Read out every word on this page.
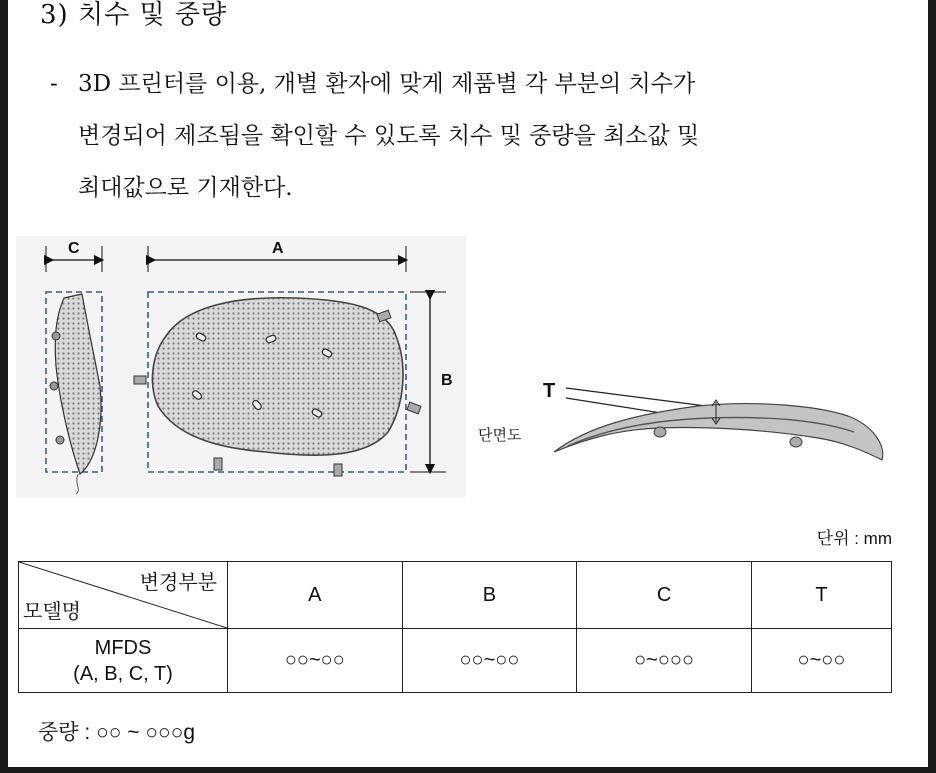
3) 치수 및 중량
- 3D 프린터를 이용, 개별 환자에 맞게 제품별 각 부분의 치수가
변경되어 제조됨을 확인할 수 있도록 치수 및 중량을 최소값 및
최대값으로 기재한다.
C	A
B	T
단면도
단위 : mm
변경부분
모델명	A	B	C	T

MFDS
(A, B, C, T)	○○~○○	○○~○○	○~○○○	○~○○
중량 : ○○ ~ ○○○g
